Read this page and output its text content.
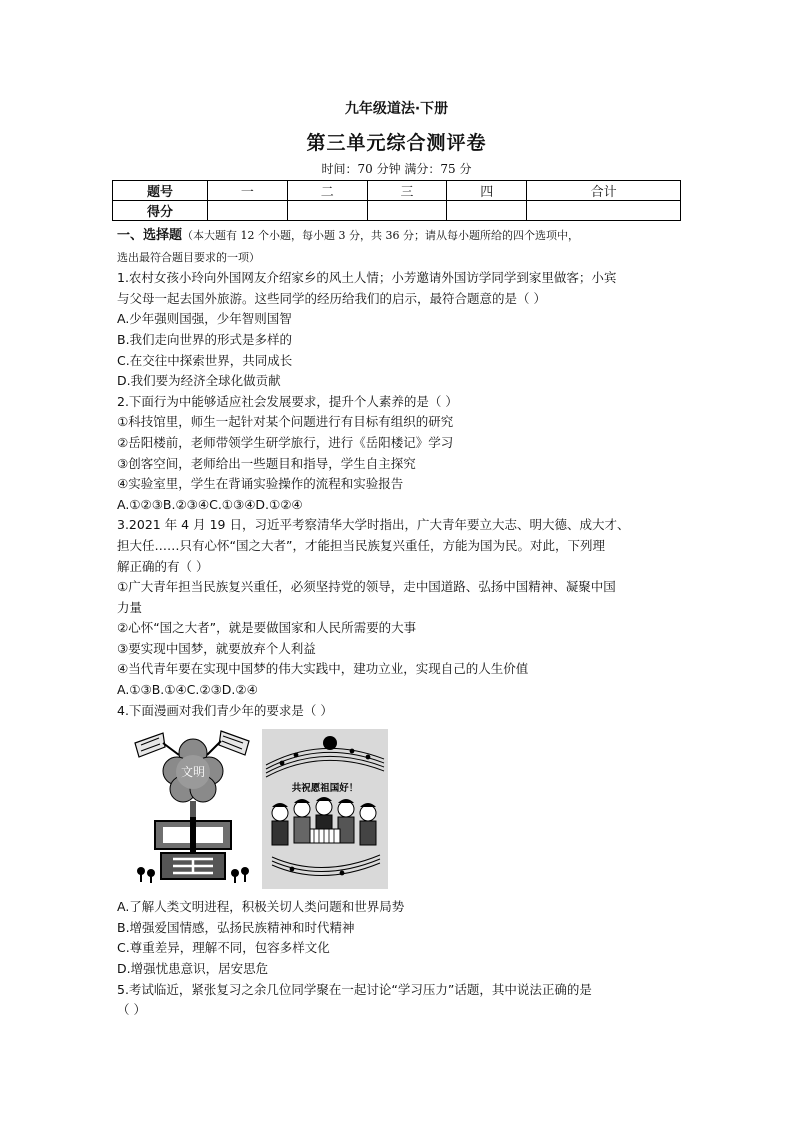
九年级道法·下册
第三单元综合测评卷
时间：70 分钟 满分：75 分
题号	一	二	三	四	合计
得分					

一、选择题（本大题有 12 个小题，每小题 3 分，共 36 分；请从每小题所给的四个选项中，

选出最符合题目要求的一项）

1.农村女孩小玲向外国网友介绍家乡的风土人情；小芳邀请外国访学同学到家里做客；小宾

与父母一起去国外旅游。这些同学的经历给我们的启示，最符合题意的是（ ）

A.少年强则国强，少年智则国智

B.我们走向世界的形式是多样的

C.在交往中探索世界，共同成长

D.我们要为经济全球化做贡献

2.下面行为中能够适应社会发展要求，提升个人素养的是（ ）

①科技馆里，师生一起针对某个问题进行有目标有组织的研究

②岳阳楼前，老师带领学生研学旅行，进行《岳阳楼记》学习

③创客空间，老师给出一些题目和指导，学生自主探究

④实验室里，学生在背诵实验操作的流程和实验报告

A.①②③B.②③④C.①③④D.①②④

3.2021 年 4 月 19 日，习近平考察清华大学时指出，广大青年要立大志、明大德、成大才、

担大任……只有心怀“国之大者”，才能担当民族复兴重任，方能为国为民。对此，下列理

解正确的有（ ）

①广大青年担当民族复兴重任，必须坚持党的领导，走中国道路、弘扬中国精神、凝聚中国

力量

②心怀“国之大者”，就是要做国家和人民所需要的大事

③要实现中国梦，就要放弃个人利益

④当代青年要在实现中国梦的伟大实践中，建功立业，实现自己的人生价值

A.①③B.①④C.②③D.②④

4.下面漫画对我们青少年的要求是（ ）

文明
共祝愿祖国好！

A.了解人类文明进程，积极关切人类问题和世界局势

B.增强爱国情感，弘扬民族精神和时代精神

C.尊重差异，理解不同，包容多样文化

D.增强忧患意识，居安思危

5.考试临近，紧张复习之余几位同学聚在一起讨论“学习压力”话题，其中说法正确的是

（ ）
